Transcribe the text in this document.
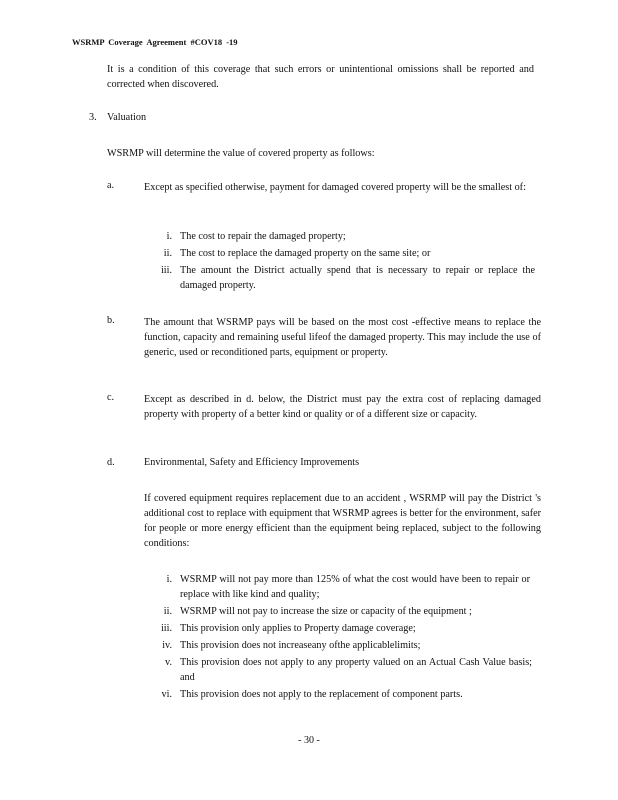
WSRMP Coverage Agreement #COV18 -19
It is a condition of this coverage that such errors or unintentional omissions shall be reported and corrected when discovered.
3. Valuation
WSRMP will determine the value of covered property as follows:
a.	Except as specified otherwise, payment for damaged covered property will be the smallest of:
i. The cost to repair the damaged property;
ii. The cost to replace the damaged property on the same site; or
iii. The amount the District actually spend that is necessary to repair or replace the damaged property.
b.	The amount that WSRMP pays will be based on the most cost -effective means to replace the function, capacity and remaining useful lifeof the damaged property. This may include the use of generic, used or reconditioned parts, equipment or property.
c.	Except as described in d. below, the District must pay the extra cost of replacing damaged property with property of a better kind or quality or of a different size or capacity.
d.	Environmental, Safety and Efficiency Improvements
If covered equipment requires replacement due to an accident , WSRMP will pay the District 's additional cost to replace with equipment that WSRMP agrees is better for the environment, safer for people or more energy efficient than the equipment being replaced, subject to the following conditions:
i. WSRMP will not pay more than 125% of what the cost would have been to repair or replace with like kind and quality;
ii. WSRMP will not pay to increase the size or capacity of the equipment ;
iii. This provision only applies to Property damage coverage;
iv. This provision does not increaseany ofthe applicablelimits;
v. This provision does not apply to any property valued on an Actual Cash Value basis; and
vi. This provision does not apply to the replacement of component parts.
- 30 -
